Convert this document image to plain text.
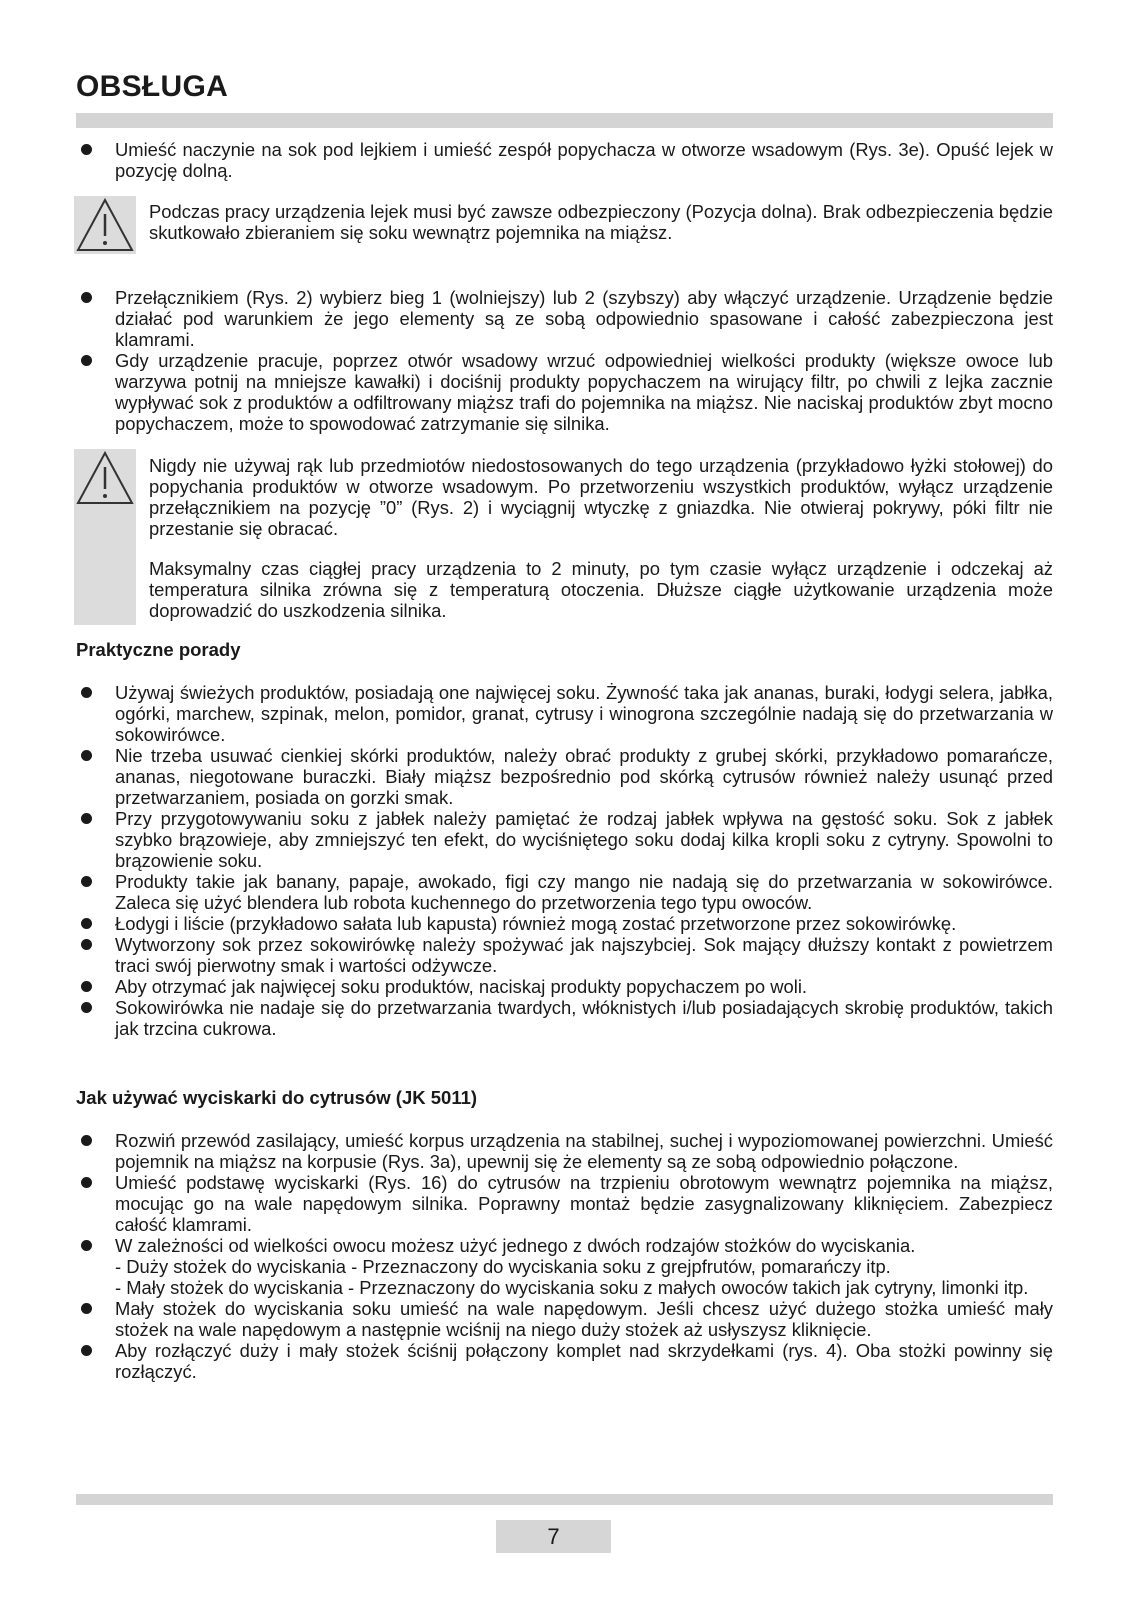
OBSŁUGA
Umieść naczynie na sok pod lejkiem i umieść zespół popychacza w otworze wsadowym (Rys. 3e). Opuść lejek w pozycję dolną.

Podczas pracy urządzenia lejek musi być zawsze odbezpieczony (Pozycja dolna). Brak odbezpieczenia będzie skutkowało zbieraniem się soku wewnątrz pojemnika na miąższ.

Przełącznikiem (Rys. 2) wybierz bieg 1 (wolniejszy) lub 2 (szybszy) aby włączyć urządzenie. Urządzenie będzie działać pod warunkiem że jego elementy są ze sobą odpowiednio spasowane i całość zabezpieczona jest klamrami.
Gdy urządzenie pracuje, poprzez otwór wsadowy wrzuć odpowiedniej wielkości produkty (większe owoce lub warzywa potnij na mniejsze kawałki) i dociśnij produkty popychaczem na wirujący filtr, po chwili z lejka zacznie wypływać sok z produktów a odfiltrowany miąższ trafi do pojemnika na miąższ. Nie naciskaj produktów zbyt mocno popychaczem, może to spowodować zatrzymanie się silnika.

Nigdy nie używaj rąk lub przedmiotów niedostosowanych do tego urządzenia (przykładowo łyżki stołowej) do popychania produktów w otworze wsadowym. Po przetworzeniu wszystkich produktów, wyłącz urządzenie przełącznikiem na pozycję ”0” (Rys. 2) i wyciągnij wtyczkę z gniazdka. Nie otwieraj pokrywy, póki filtr nie przestanie się obracać.

Maksymalny czas ciągłej pracy urządzenia to 2 minuty, po tym czasie wyłącz urządzenie i odczekaj aż temperatura silnika zrówna się z temperaturą otoczenia. Dłuższe ciągłe użytkowanie urządzenia może doprowadzić do uszkodzenia silnika.

Praktyczne porady
Używaj świeżych produktów, posiadają one najwięcej soku. Żywność taka jak ananas, buraki, łodygi selera, jabłka, ogórki, marchew, szpinak, melon, pomidor, granat, cytrusy i winogrona szczególnie nadają się do przetwarzania w sokowirówce.
Nie trzeba usuwać cienkiej skórki produktów, należy obrać produkty z grubej skórki, przykładowo pomarańcze, ananas, niegotowane buraczki. Biały miąższ bezpośrednio pod skórką cytrusów również należy usunąć przed przetwarzaniem, posiada on gorzki smak.
Przy przygotowywaniu soku z jabłek należy pamiętać że rodzaj jabłek wpływa na gęstość soku. Sok z jabłek szybko brązowieje, aby zmniejszyć ten efekt, do wyciśniętego soku dodaj kilka kropli soku z cytryny. Spowolni to brązowienie soku.
Produkty takie jak banany, papaje, awokado, figi czy mango nie nadają się do przetwarzania w sokowirówce. Zaleca się użyć blendera lub robota kuchennego do przetworzenia tego typu owoców.
Łodygi i liście (przykładowo sałata lub kapusta) również mogą zostać przetworzone przez sokowirówkę.
Wytworzony sok przez sokowirówkę należy spożywać jak najszybciej. Sok mający dłuższy kontakt z powietrzem traci swój pierwotny smak i wartości odżywcze.
Aby otrzymać jak najwięcej soku produktów, naciskaj produkty popychaczem po woli.
Sokowirówka nie nadaje się do przetwarzania twardych, włóknistych i/lub posiadających skrobię produktów, takich jak trzcina cukrowa.
Jak używać wyciskarki do cytrusów (JK 5011)
Rozwiń przewód zasilający, umieść korpus urządzenia na stabilnej, suchej i wypoziomowanej powierzchni. Umieść pojemnik na miąższ na korpusie (Rys. 3a), upewnij się że elementy są ze sobą odpowiednio połączone.
Umieść podstawę wyciskarki (Rys. 16) do cytrusów na trzpieniu obrotowym wewnątrz pojemnika na miąższ, mocując go na wale napędowym silnika. Poprawny montaż będzie zasygnalizowany kliknięciem. Zabezpiecz całość klamrami.
W zależności od wielkości owocu możesz użyć jednego z dwóch rodzajów stożków do wyciskania.
- Duży stożek do wyciskania - Przeznaczony do wyciskania soku z grejpfrutów, pomarańczy itp.
- Mały stożek do wyciskania - Przeznaczony do wyciskania soku z małych owoców takich jak cytryny, limonki itp.
Mały stożek do wyciskania soku umieść na wale napędowym. Jeśli chcesz użyć dużego stożka umieść mały stożek na wale napędowym a następnie wciśnij na niego duży stożek aż usłyszysz kliknięcie.
Aby rozłączyć duży i mały stożek ściśnij połączony komplet nad skrzydełkami (rys. 4). Oba stożki powinny się rozłączyć.
7
